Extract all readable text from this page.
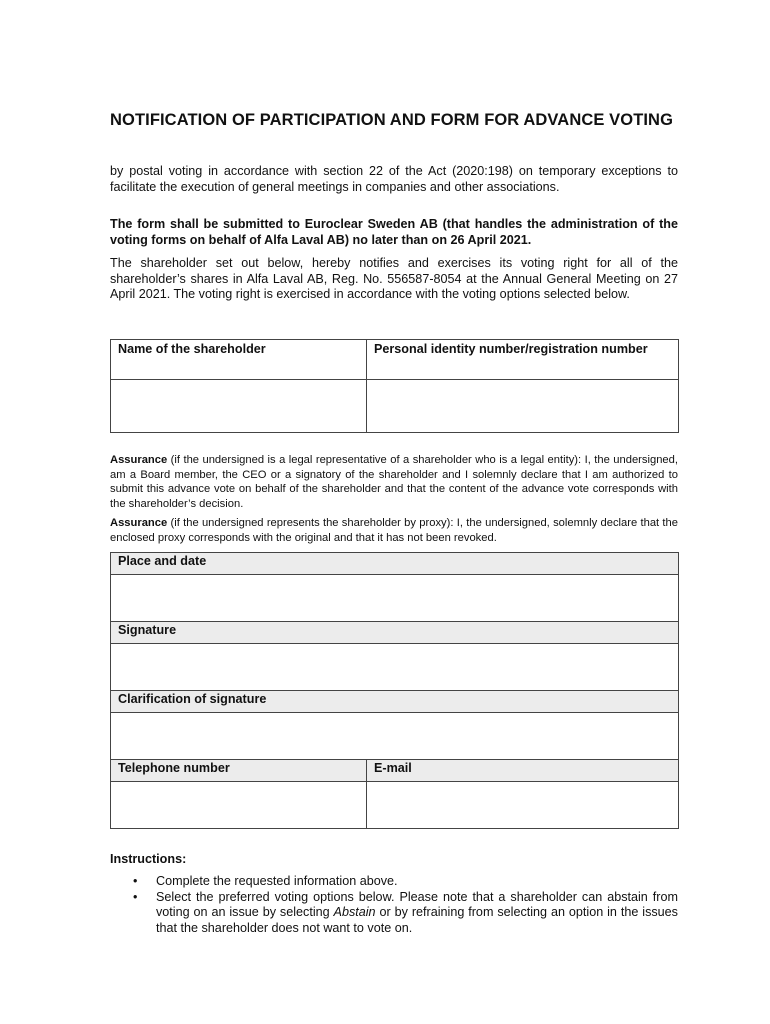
NOTIFICATION OF PARTICIPATION AND FORM FOR ADVANCE VOTING
by postal voting in accordance with section 22 of the Act (2020:198) on temporary exceptions to facilitate the execution of general meetings in companies and other associations.
The form shall be submitted to Euroclear Sweden AB (that handles the administration of the voting forms on behalf of Alfa Laval AB) no later than on 26 April 2021.
The shareholder set out below, hereby notifies and exercises its voting right for all of the shareholder’s shares in Alfa Laval AB, Reg. No. 556587-8054 at the Annual General Meeting on 27 April 2021. The voting right is exercised in accordance with the voting options selected below.
Name of the shareholder	Personal identity number/registration number

Assurance (if the undersigned is a legal representative of a shareholder who is a legal entity): I, the undersigned, am a Board member, the CEO or a signatory of the shareholder and I solemnly declare that I am authorized to submit this advance vote on behalf of the shareholder and that the content of the advance vote corresponds with the shareholder’s decision.
Assurance (if the undersigned represents the shareholder by proxy): I, the undersigned, solemnly declare that the enclosed proxy corresponds with the original and that it has not been revoked.
Place and date	

Signature	

Clarification of signature	

Telephone number	E-mail

Instructions:
• Complete the requested information above.
• Select the preferred voting options below. Please note that a shareholder can abstain from voting on an issue by selecting Abstain or by refraining from selecting an option in the issues that the shareholder does not want to vote on.
